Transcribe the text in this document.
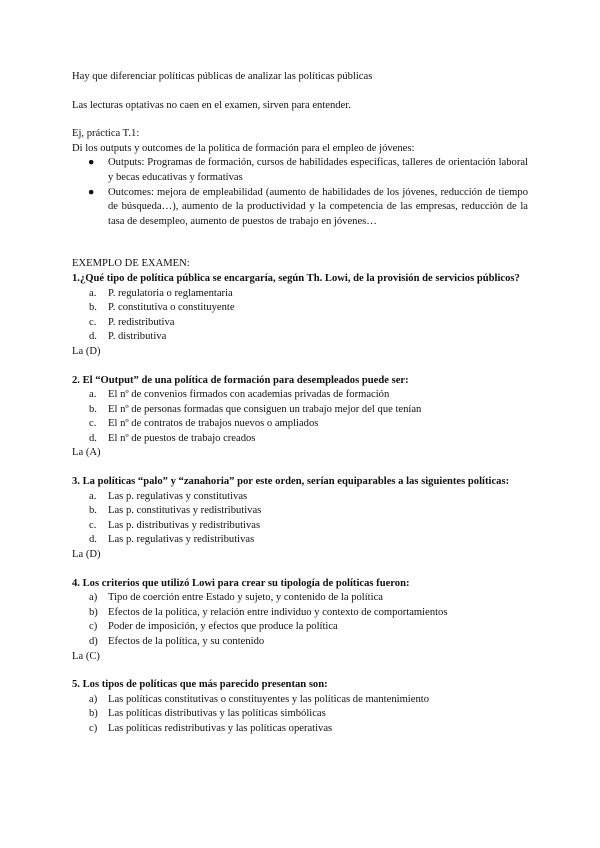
Hay que diferenciar políticas públicas de analizar las políticas públicas

Las lecturas optativas no caen en el examen, sirven para entender.

Ej, práctica T.1:

Di los outputs y outcomes de la política de formación para el empleo de jóvenes:

● Outputs: Programas de formación, cursos de habilidades específicas, talleres de orientación laboral y becas educativas y formativas
● Outcomes: mejora de empleabilidad (aumento de habilidades de los jóvenes, reducción de tiempo de búsqueda…), aumento de la productividad y la competencia de las empresas, reducción de la tasa de desempleo, aumento de puestos de trabajo en jóvenes…

EXEMPLO DE EXAMEN:

1.¿Qué tipo de política pública se encargaría, según Th. Lowi, de la provisión de servicios públicos?

a. P. regulatoria o reglamentaria
b. P. constitutiva o constituyente
c. P. redistributiva
d. P. distributiva

La (D)

2. El “Output” de una política de formación para desempleados puede ser:

a. El nº de convenios firmados con academias privadas de formación
b. El nº de personas formadas que consiguen un trabajo mejor del que tenían
c. El nº de contratos de trabajos nuevos o ampliados
d. El nº de puestos de trabajo creados

La (A)

3. La políticas “palo” y “zanahoria” por este orden, serían equiparables a las siguientes políticas:

a. Las p. regulativas y constitutivas
b. Las p. constitutivas y redistributivas
c. Las p. distributivas y redistributivas
d. Las p. regulativas y redistributivas

La (D)

4. Los criterios que utilizó Lowi para crear su tipología de políticas fueron:

a) Tipo de coerción entre Estado y sujeto, y contenido de la política
b) Efectos de la política, y relación entre individuo y contexto de comportamientos
c) Poder de imposición, y efectos que produce la política
d) Efectos de la política, y su contenido

La (C)

5. Los tipos de políticas que más parecido presentan son:

a) Las políticas constitutivas o constituyentes y las políticas de mantenimiento
b) Las políticas distributivas y las políticas simbólicas
c) Las políticas redistributivas y las políticas operativas
